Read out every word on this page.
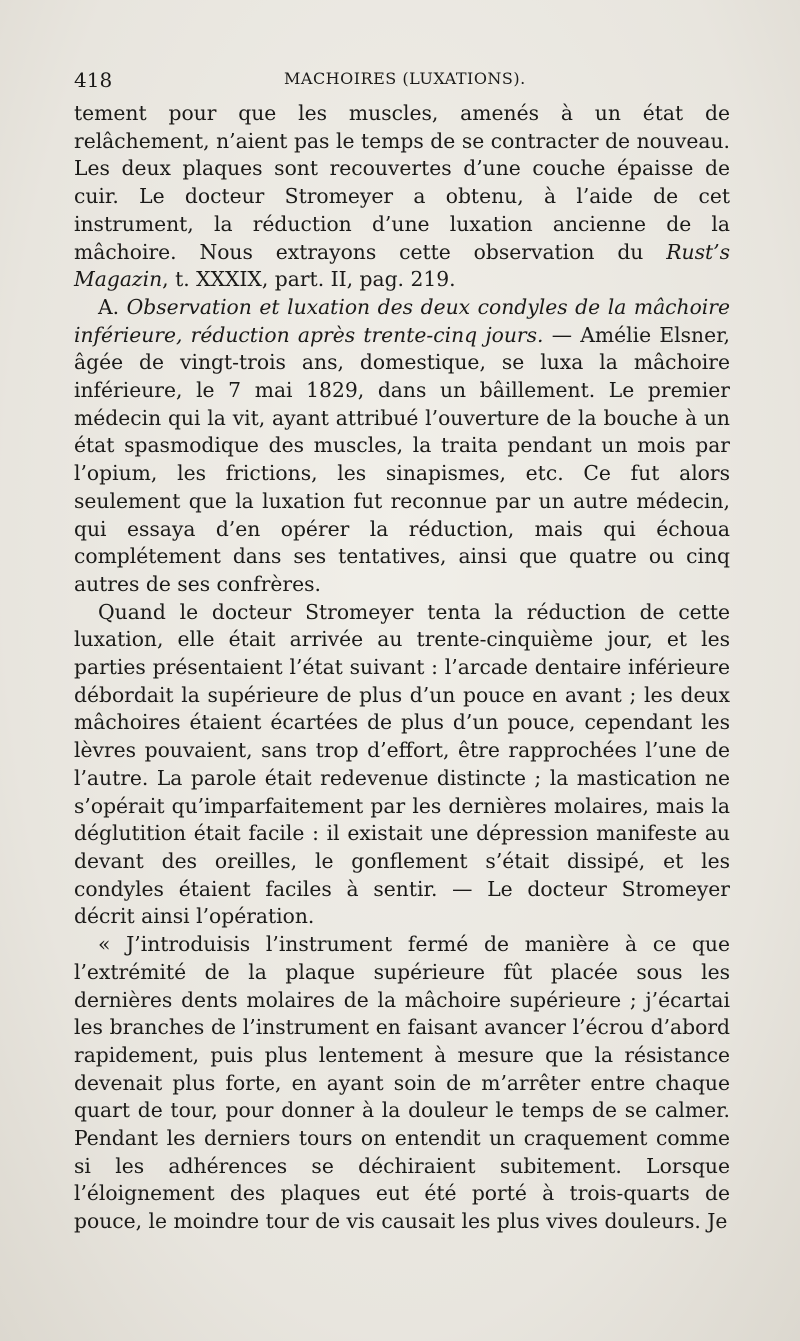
418	MACHOIRES (LUXATIONS).

tement pour que les muscles, amenés à un état de relâchement, n’aient pas le temps de se contracter de nouveau. Les deux plaques sont recouvertes d’une couche épaisse de cuir. Le docteur Stromeyer a obtenu, à l’aide de cet instrument, la réduction d’une luxation ancienne de la mâchoire. Nous extrayons cette observation du Rust’s Magazin, t. XXXIX, part. II, pag. 219.

A. Observation et luxation des deux condyles de la mâchoire inférieure, réduction après trente-cinq jours. — Amélie Elsner, âgée de vingt-trois ans, domestique, se luxa la mâchoire inférieure, le 7 mai 1829, dans un bâillement. Le premier médecin qui la vit, ayant attribué l’ouverture de la bouche à un état spasmodique des muscles, la traita pendant un mois par l’opium, les frictions, les sinapismes, etc. Ce fut alors seulement que la luxation fut reconnue par un autre médecin, qui essaya d’en opérer la réduction, mais qui échoua complétement dans ses tentatives, ainsi que quatre ou cinq autres de ses confrères.

Quand le docteur Stromeyer tenta la réduction de cette luxation, elle était arrivée au trente-cinquième jour, et les parties présentaient l’état suivant : l’arcade dentaire inférieure débordait la supérieure de plus d’un pouce en avant ; les deux mâchoires étaient écartées de plus d’un pouce, cependant les lèvres pouvaient, sans trop d’effort, être rapprochées l’une de l’autre. La parole était redevenue distincte ; la mastication ne s’opérait qu’imparfaitement par les dernières molaires, mais la déglutition était facile : il existait une dépression manifeste au devant des oreilles, le gonflement s’était dissipé, et les condyles étaient faciles à sentir. — Le docteur Stromeyer décrit ainsi l’opération.

« J’introduisis l’instrument fermé de manière à ce que l’extrémité de la plaque supérieure fût placée sous les dernières dents molaires de la mâchoire supérieure ; j’écartai les branches de l’instrument en faisant avancer l’écrou d’abord rapidement, puis plus lentement à mesure que la résistance devenait plus forte, en ayant soin de m’arrêter entre chaque quart de tour, pour donner à la douleur le temps de se calmer. Pendant les derniers tours on entendit un craquement comme si les adhérences se déchiraient subitement. Lorsque l’éloignement des plaques eut été porté à trois-quarts de pouce, le moindre tour de vis causait les plus vives douleurs. Je
